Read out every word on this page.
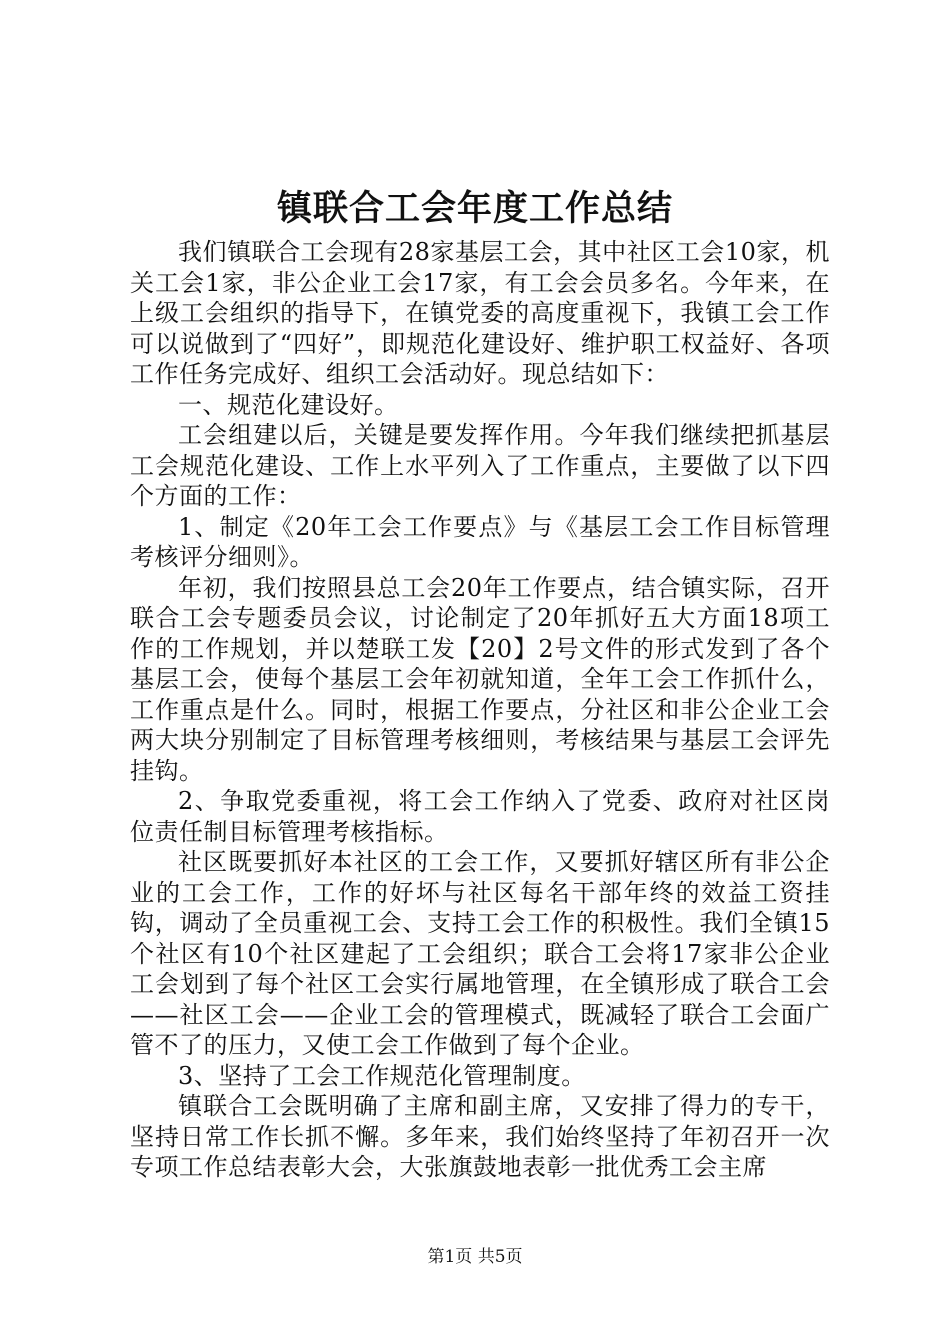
镇联合工会年度工作总结

我们镇联合工会现有28家基层工会，其中社区工会10家，机关工会1家，非公企业工会17家，有工会会员多名。今年来，在上级工会组织的指导下，在镇党委的高度重视下，我镇工会工作可以说做到了“四好”，即规范化建设好、维护职工权益好、各项工作任务完成好、组织工会活动好。现总结如下：

一、规范化建设好。

工会组建以后，关键是要发挥作用。今年我们继续把抓基层工会规范化建设、工作上水平列入了工作重点，主要做了以下四个方面的工作：

1、制定《20年工会工作要点》与《基层工会工作目标管理考核评分细则》。

年初，我们按照县总工会20年工作要点，结合镇实际，召开联合工会专题委员会议，讨论制定了20年抓好五大方面18项工作的工作规划，并以楚联工发【20】2号文件的形式发到了各个基层工会，使每个基层工会年初就知道，全年工会工作抓什么，工作重点是什么。同时，根据工作要点，分社区和非公企业工会两大块分别制定了目标管理考核细则，考核结果与基层工会评先挂钩。

2、争取党委重视，将工会工作纳入了党委、政府对社区岗位责任制目标管理考核指标。

社区既要抓好本社区的工会工作，又要抓好辖区所有非公企业的工会工作，工作的好坏与社区每名干部年终的效益工资挂钩，调动了全员重视工会、支持工会工作的积极性。我们全镇15个社区有10个社区建起了工会组织；联合工会将17家非公企业工会划到了每个社区工会实行属地管理，在全镇形成了联合工会——社区工会——企业工会的管理模式，既减轻了联合工会面广管不了的压力，又使工会工作做到了每个企业。

3、坚持了工会工作规范化管理制度。

镇联合工会既明确了主席和副主席，又安排了得力的专干，坚持日常工作长抓不懈。多年来，我们始终坚持了年初召开一次专项工作总结表彰大会，大张旗鼓地表彰一批优秀工会主席

第1页 共5页
